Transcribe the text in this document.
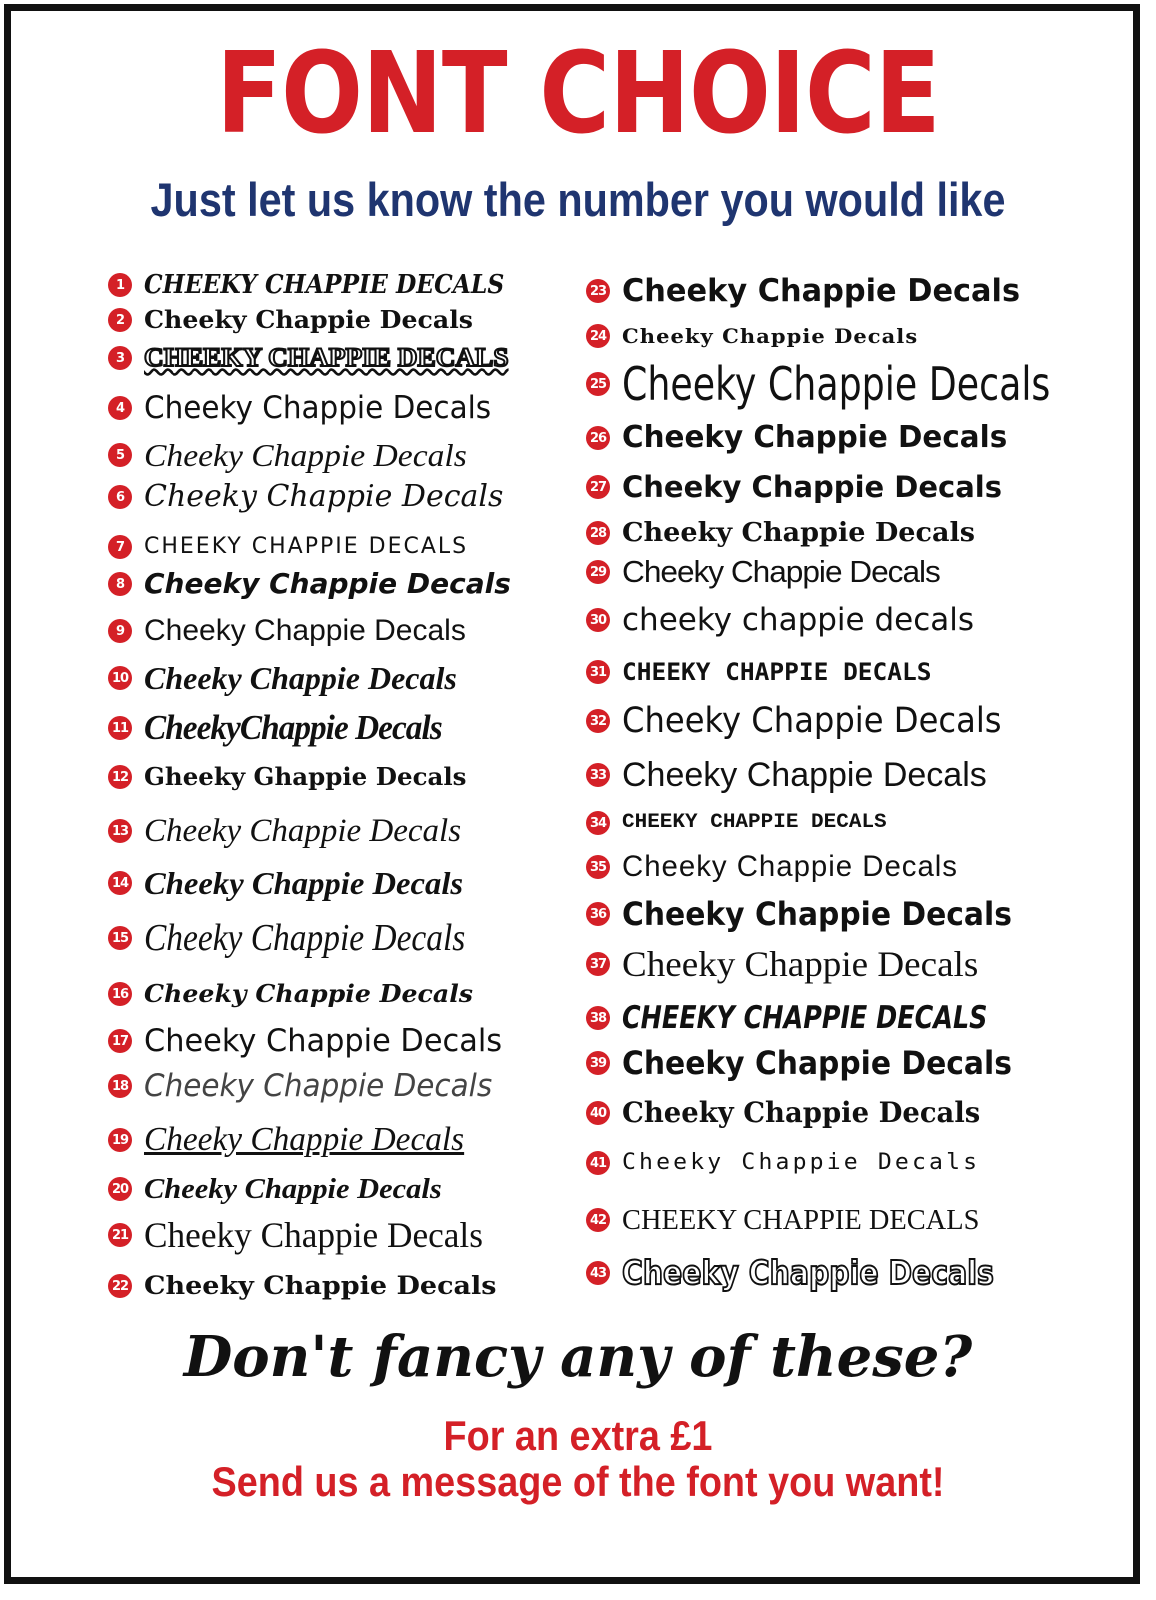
FONT CHOICE
Just let us know the number you would like
1 CHEEKY CHAPPIE DECALS
2 Cheeky Chappie Decals
3 CHEEKY CHAPPIE DECALS
4 Cheeky Chappie Decals
5 Cheeky Chappie Decals
6 Cheeky Chappie Decals
7 CHEEKY CHAPPIE DECALS
8 Cheeky Chappie Decals
9 Cheeky Chappie Decals
10 Cheeky Chappie Decals
11 CheekyChappie Decals
12 Gheeky Ghappie Decals
13 Cheeky Chappie Decals
14 Cheeky Chappie Decals
15 Cheeky Chappie Decals
16 Cheeky Chappie Decals
17 Cheeky Chappie Decals
18 Cheeky Chappie Decals
19 Cheeky Chappie Decals
20 Cheeky Chappie Decals
21 Cheeky Chappie Decals
22 Cheeky Chappie Decals
23 Cheeky Chappie Decals
24 Cheeky Chappie Decals
25 Cheeky Chappie Decals
26 Cheeky Chappie Decals
27 Cheeky Chappie Decals
28 Cheeky Chappie Decals
29 Cheeky Chappie Decals
30 cheeky chappie decals
31 CHEEKY CHAPPIE DECALS
32 Cheeky Chappie Decals
33 Cheeky Chappie Decals
34 CHEEKY CHAPPIE DECALS
35 Cheeky Chappie Decals
36 Cheeky Chappie Decals
37 Cheeky Chappie Decals
38 CHEEKY CHAPPIE DECALS
39 Cheeky Chappie Decals
40 Cheeky Chappie Decals
41 Cheeky Chappie Decals
42 CHEEKY CHAPPIE DECALS
43 Cheeky Chappie Decals
Don't fancy any of these?
For an extra £1
Send us a message of the font you want!
